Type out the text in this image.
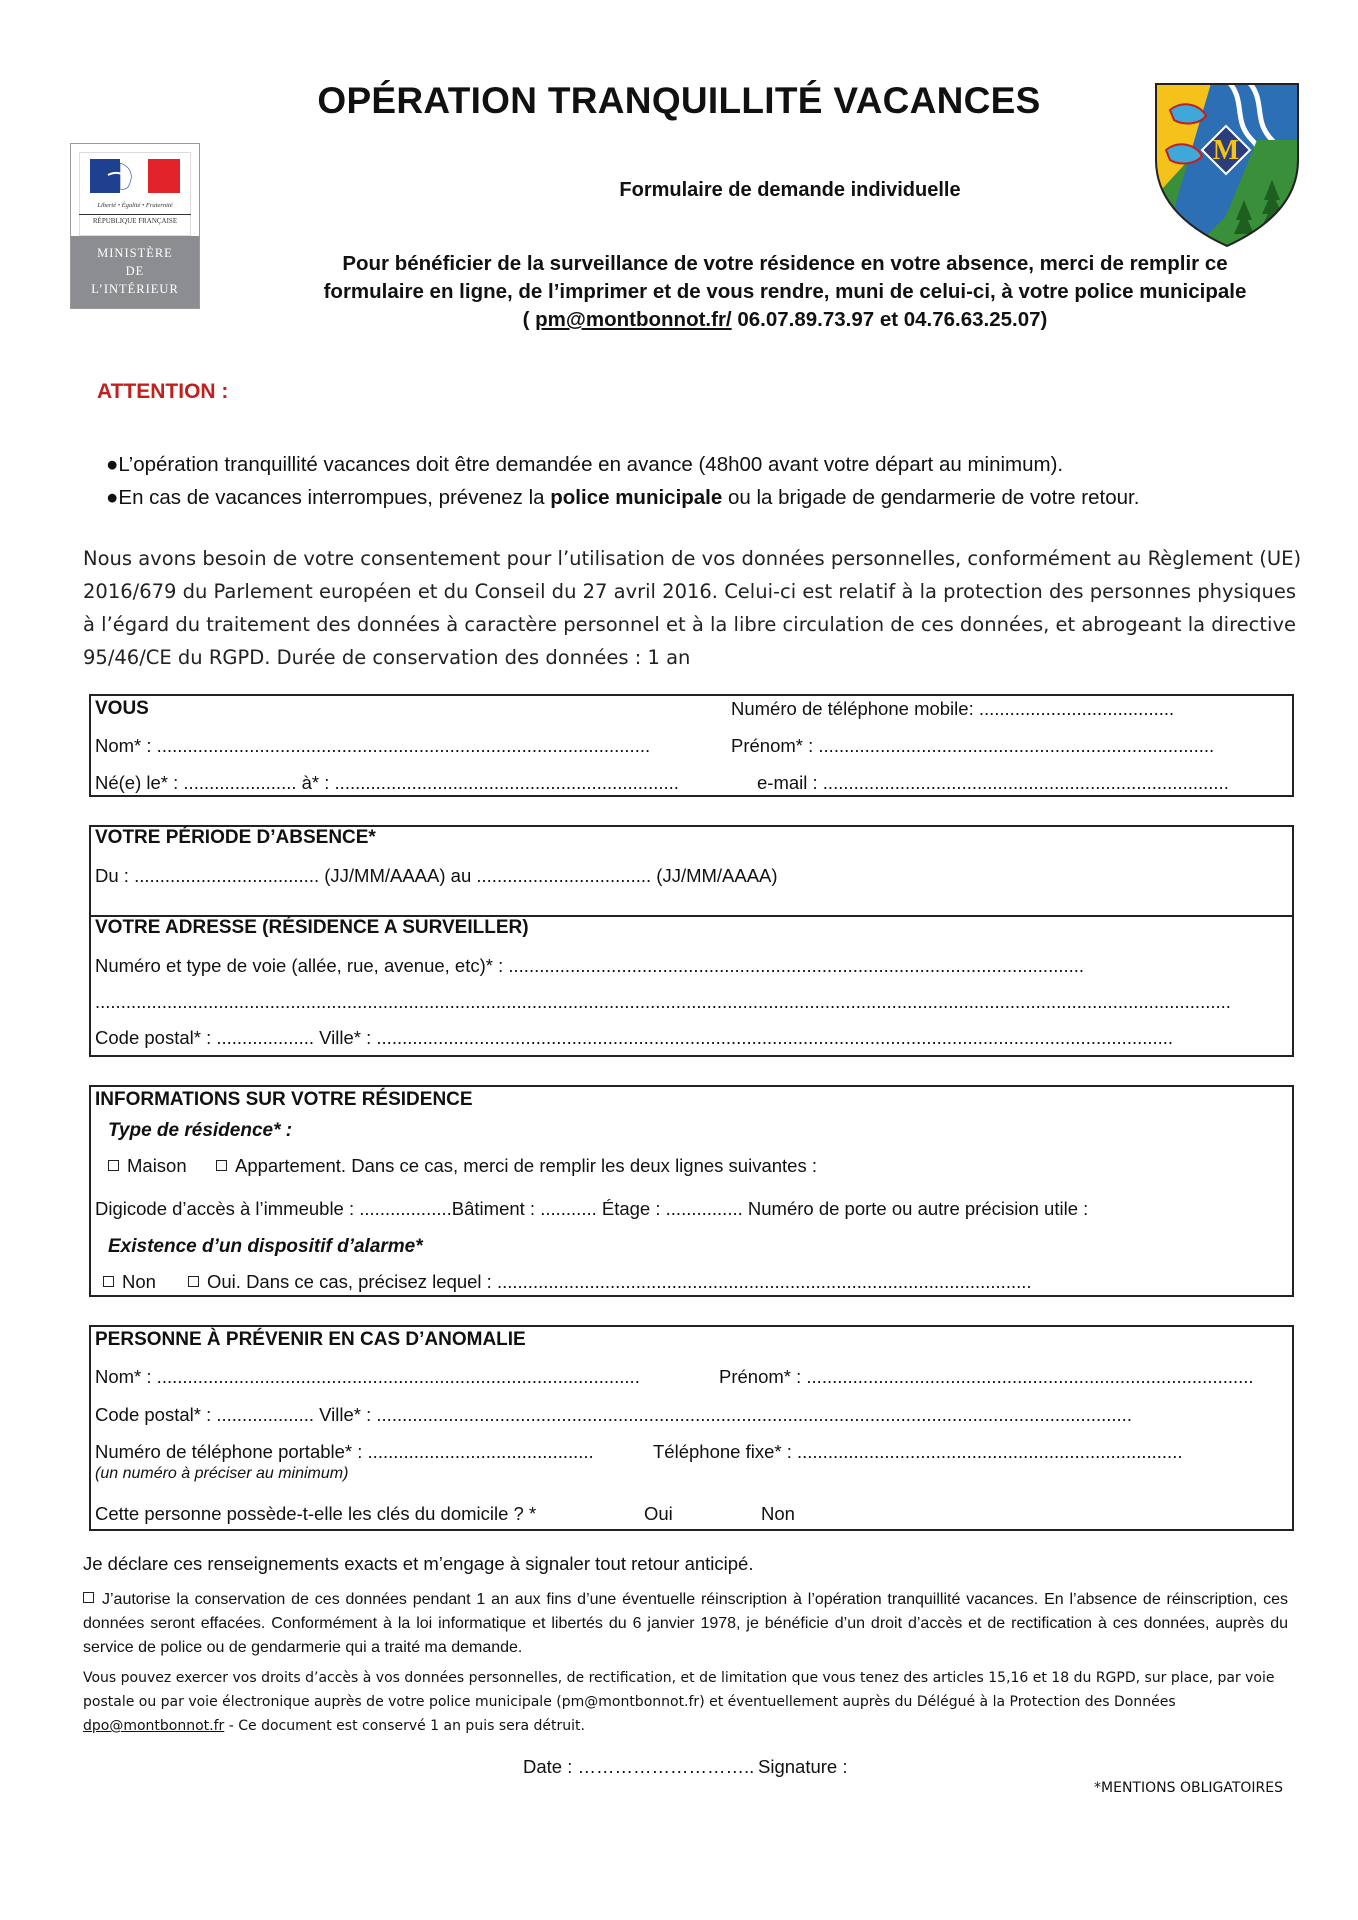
OPÉRATION TRANQUILLITÉ VACANCES
Liberté • Égalité • Fraternité
RÉPUBLIQUE FRANÇAISE
MINISTÈRE
DE
L’INTÉRIEUR
M
Formulaire de demande individuelle
Pour bénéficier de la surveillance de votre résidence en votre absence, merci de remplir ce
formulaire en ligne, de l’imprimer et de vous rendre, muni de celui-ci, à votre police municipale
( pm@montbonnot.fr/ 06.07.89.73.97 et 04.76.63.25.07)
ATTENTION :
●L’opération tranquillité vacances doit être demandée en avance (48h00 avant votre départ au minimum).
●En cas de vacances interrompues, prévenez la police municipale ou la brigade de gendarmerie de votre retour.
Nous avons besoin de votre consentement pour l’utilisation de vos données personnelles, conformément au Règlement (UE) 2016/679 du Parlement européen et du Conseil du 27 avril 2016. Celui-ci est relatif à la protection des personnes physiques à l’égard du traitement des données à caractère personnel et à la libre circulation de ces données, et abrogeant la directive 95/46/CE du RGPD. Durée de conservation des données : 1 an
VOUS	Numéro de téléphone mobile: ......................................
Nom* : ................................................................................................	Prénom* : .............................................................................
Né(e) le* : ...................... à* : ...................................................................	e-mail : ...............................................................................
VOTRE PÉRIODE D’ABSENCE*
Du : .................................... (JJ/MM/AAAA) au .................................. (JJ/MM/AAAA)
VOTRE ADRESSE (RÉSIDENCE A SURVEILLER)
Numéro et type de voie (allée, rue, avenue, etc)* : ................................................................................................................
.............................................................................................................................................................................................................................
Code postal* : ................... Ville* : ...........................................................................................................................................................
INFORMATIONS SUR VOTRE RÉSIDENCE
Type de résidence* :
Maison	Appartement. Dans ce cas, merci de remplir les deux lignes suivantes :
Digicode d’accès à l’immeuble : ..................Bâtiment : ........... Étage : ............... Numéro de porte ou autre précision utile :
Existence d’un dispositif d’alarme*
Non	Oui. Dans ce cas, précisez lequel : ........................................................................................................
PERSONNE À PRÉVENIR EN CAS D’ANOMALIE
Nom* : ..............................................................................................	Prénom* : .......................................................................................
Code postal* : ................... Ville* : ...................................................................................................................................................
Numéro de téléphone portable* : ............................................	Téléphone fixe* : ...........................................................................
(un numéro à préciser au minimum)
Cette personne possède-t-elle les clés du domicile ? *	Oui	Non
Je déclare ces renseignements exacts et m’engage à signaler tout retour anticipé.
J’autorise la conservation de ces données pendant 1 an aux fins d’une éventuelle réinscription à l’opération tranquillité vacances. En l’absence de réinscription, ces données seront effacées. Conformément à la loi informatique et libertés du 6 janvier 1978, je bénéficie d’un droit d’accès et de rectification à ces données, auprès du service de police ou de gendarmerie qui a traité ma demande.
Vous pouvez exercer vos droits d’accès à vos données personnelles, de rectification, et de limitation que vous tenez des articles 15,16 et 18 du RGPD, sur place, par voie postale ou par voie électronique auprès de votre police municipale (pm@montbonnot.fr) et éventuellement auprès du Délégué à la Protection des Données dpo@montbonnot.fr - Ce document est conservé 1 an puis sera détruit.
Date : ……………………….. Signature :
*MENTIONS OBLIGATOIRES
